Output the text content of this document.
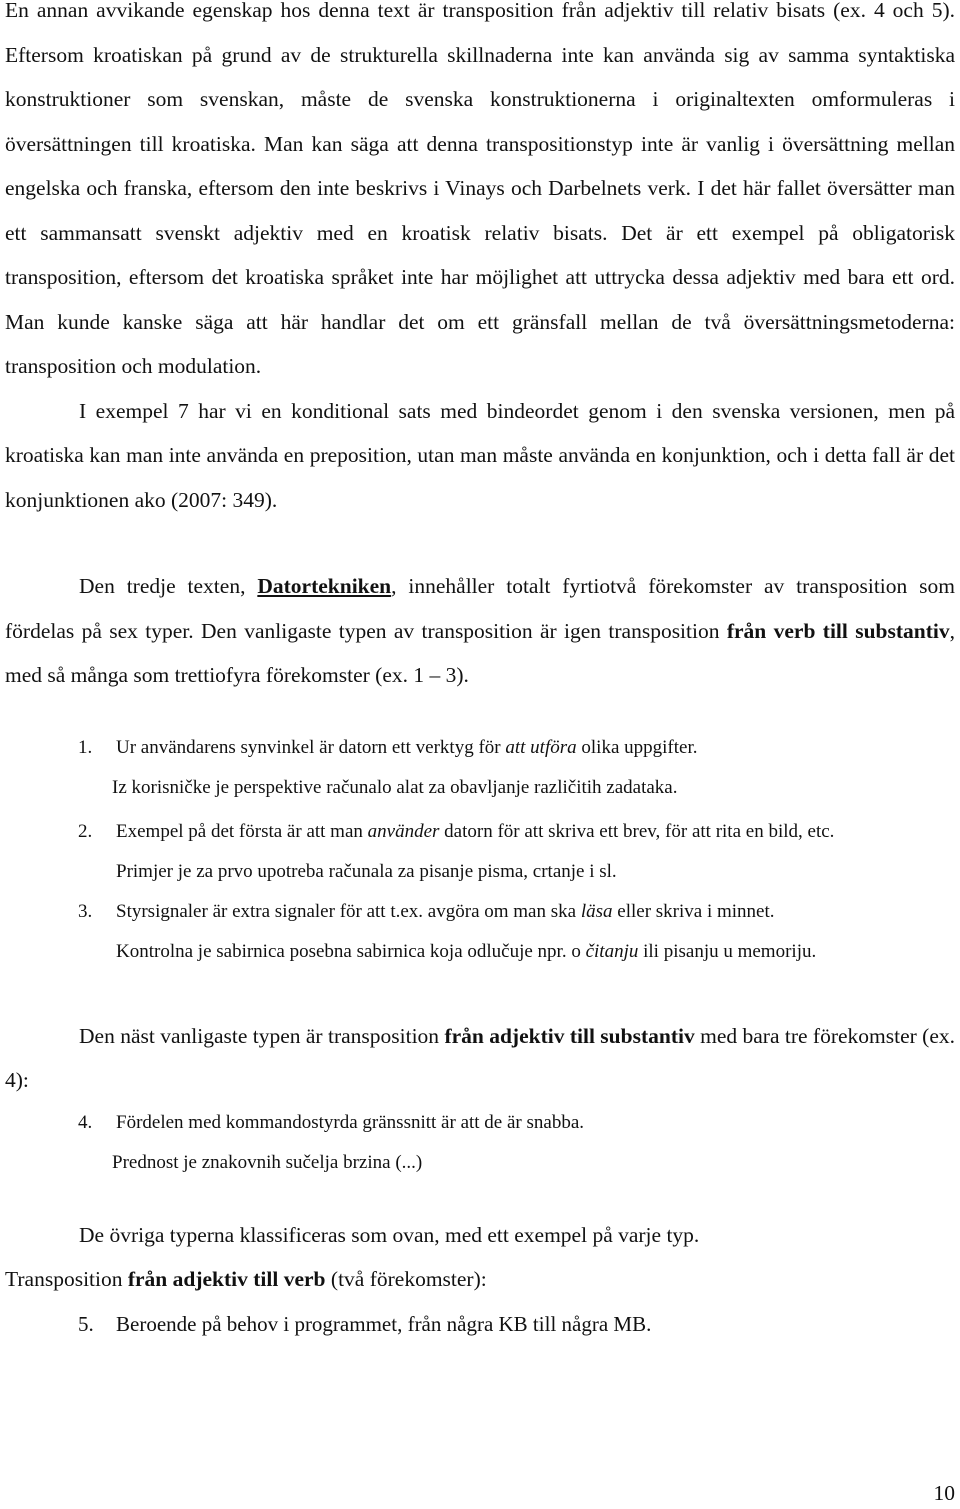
En annan avvikande egenskap hos denna text är transposition från adjektiv till relativ bisats (ex. 4 och 5). Eftersom kroatiskan på grund av de strukturella skillnaderna inte kan använda sig av samma syntaktiska konstruktioner som svenskan, måste de svenska konstruktionerna i originaltexten omformuleras i översättningen till kroatiska. Man kan säga att denna transpositionstyp inte är vanlig i översättning mellan engelska och franska, eftersom den inte beskrivs i Vinays och Darbelnets verk. I det här fallet översätter man ett sammansatt svenskt adjektiv med en kroatisk relativ bisats. Det är ett exempel på obligatorisk transposition, eftersom det kroatiska språket inte har möjlighet att uttrycka dessa adjektiv med bara ett ord. Man kunde kanske säga att här handlar det om ett gränsfall mellan de två översättningsmetoderna: transposition och modulation.

I exempel 7 har vi en konditional sats med bindeordet genom i den svenska versionen, men på kroatiska kan man inte använda en preposition, utan man måste använda en konjunktion, och i detta fall är det konjunktionen ako (2007: 349).

Den tredje texten, Datortekniken, innehåller totalt fyrtiotvå förekomster av transposition som fördelas på sex typer. Den vanligaste typen av transposition är igen transposition från verb till substantiv, med så många som trettiofyra förekomster (ex. 1 – 3).

1. Ur användarens synvinkel är datorn ett verktyg för att utföra olika uppgifter.
Iz korisničke je perspektive računalo alat za obavljanje različitih zadataka.
2. Exempel på det första är att man använder datorn för att skriva ett brev, för att rita en bild, etc.
Primjer je za prvo upotreba računala za pisanje pisma, crtanje i sl.
3. Styrsignaler är extra signaler för att t.ex. avgöra om man ska läsa eller skriva i minnet.
Kontrolna je sabirnica posebna sabirnica koja odlučuje npr. o čitanju ili pisanju u memoriju.

Den näst vanligaste typen är transposition från adjektiv till substantiv med bara tre förekomster (ex. 4):

4. Fördelen med kommandostyrda gränssnitt är att de är snabba.
Prednost je znakovnih sučelja brzina (...)

De övriga typerna klassificeras som ovan, med ett exempel på varje typ.

Transposition från adjektiv till verb (två förekomster):

5. Beroende på behov i programmet, från några KB till några MB.
10
